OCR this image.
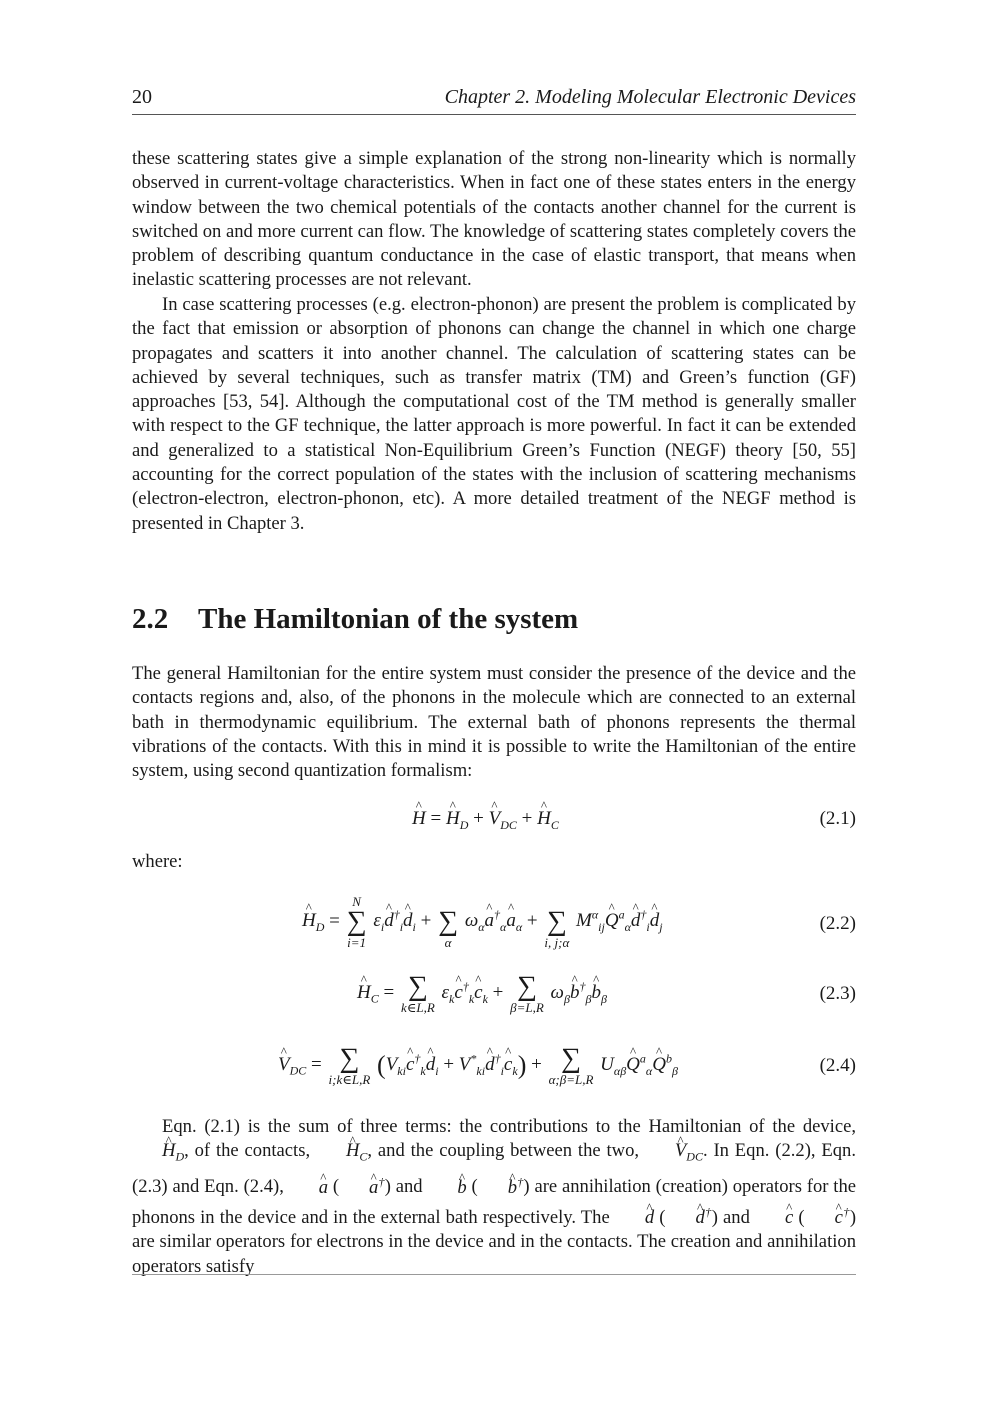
20	Chapter 2. Modeling Molecular Electronic Devices

these scattering states give a simple explanation of the strong non-linearity which is normally observed in current-voltage characteristics. When in fact one of these states enters in the energy window between the two chemical potentials of the contacts another channel for the current is switched on and more current can flow. The knowledge of scattering states completely covers the problem of describing quantum conductance in the case of elastic transport, that means when inelastic scattering processes are not relevant.

In case scattering processes (e.g. electron-phonon) are present the problem is complicated by the fact that emission or absorption of phonons can change the channel in which one charge propagates and scatters it into another channel. The calculation of scattering states can be achieved by several techniques, such as transfer matrix (TM) and Green’s function (GF) approaches [53, 54]. Although the computational cost of the TM method is generally smaller with respect to the GF technique, the latter approach is more powerful. In fact it can be extended and generalized to a statistical Non-Equilibrium Green’s Function (NEGF) theory [50, 55] accounting for the correct population of the states with the inclusion of scattering mechanisms (electron-electron, electron-phonon, etc). A more detailed treatment of the NEGF method is presented in Chapter 3.

2.2 The Hamiltonian of the system

The general Hamiltonian for the entire system must consider the presence of the device and the contacts regions and, also, of the phonons in the molecule which are connected to an external bath in thermodynamic equilibrium. The external bath of phonons represents the thermal vibrations of the contacts. With this in mind it is possible to write the Hamiltonian of the entire system, using second quantization formalism:

^ H = ^ $H_D$ + ^ $V_{DC}$ + ^ $H_C$	(2.1)
where:
^ $H_D$ =
N
∑
i=1
$\varepsilon_i\^{}$ $d^\dagger_i\^{}$ $d_i$ +
∑
α
$\omega_\alpha\^{}$ $a^\dagger_\alpha\^{}$ $a_\alpha$ +
∑
i, j;α
$M^\alpha_{ij}\^{}$ $Q^a_\alpha\^{}$ $d^\dagger_i\^{}$ $d_j$	(2.2)
^ $H_C$ = ∑
k∈L,R
$\varepsilon_k\^{}$ $c^\dagger_k\^{}$ $c_k$ + ∑
β=L,R
$\omega_\beta\^{}$ $b^\dagger_\beta\^{}$ $b_\beta$	(2.3)
^ $V_{DC}$ = ∑
i;k∈L,R ($V_{ki}\^{}$ $c^\dagger_k\^{}$ $d_i$ + $V^*_{ki}\^{}$ $d^\dagger_i\^{}$ $c_k$) + ∑
α;β=L,R
$U_{\alpha\beta}\^{}$ $Q^a_\alpha\^{}$ $Q^b_\beta$	(2.4)

Eqn. (2.1) is the sum of three terms: the contributions to the Hamiltonian of the device, ^ $H_D$, of the contacts, ^ $H_C$, and the coupling between the two, ^ $V_{DC}$. In Eqn. (2.2), Eqn. (2.3) and Eqn. (2.4), ^ a ( ^ a†) and ^ b ( ^ b†) are annihilation (creation) operators for the phonons in the device and in the external bath respectively. The ^ d ( ^ d†) and ^ c ( ^ c†) are similar operators for electrons in the device and in the contacts. The creation and annihilation operators satisfy
